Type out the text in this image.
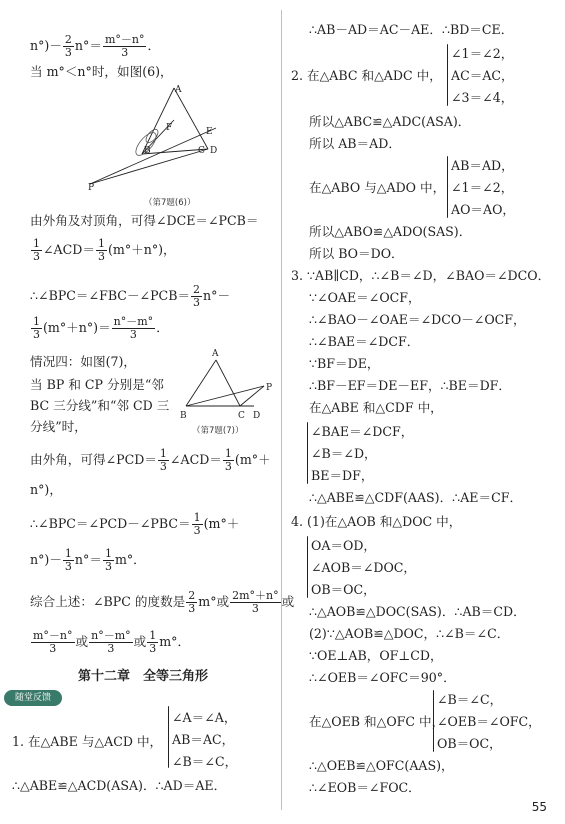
$n^\circ)- \frac{2}{3} n^\circ= \frac{m^\circ-n^\circ}{3}$ ．
当 m°＜n°时，如图(6)，
A
F	E
B	C D
P
（第7题(6)）
由外角及对顶角，可得∠DCE＝∠PCB＝
$\frac{1}{3}$ ∠ACD＝ $\frac{1}{3} (m^\circ+n^\circ)$，
∴∠BPC＝∠FBC－∠PCB＝ $\frac{2}{3} n^\circ-$
$\frac{1}{3} (m^\circ+n^\circ)= \frac{n^\circ-m^\circ}{3}$ ．
情况四：如图(7)，
当 BP 和 CP 分别是“邻
BC 三分线”和“邻 CD 三
分线”时，
A
P
B	C D
（第7题(7)）
由外角，可得∠PCD＝ $\frac{1}{3}$ ∠ACD＝ $\frac{1}{3} (m^\circ+$
n°)，
∴∠BPC＝∠PCD－∠PBC＝ $\frac{1}{3} (m^\circ+$
$n^\circ)- \frac{1}{3} n^\circ= \frac{1}{3} m^\circ$．
综合上述：∠BPC 的度数是 $\frac{2}{3} m^\circ$或 $\frac{2m^\circ+n^\circ}{3}$ 或
$\frac{m^\circ-n^\circ}{3}$ 或 $\frac{n^\circ-m^\circ}{3}$ 或 $\frac{1}{3} m^\circ$．
第十二章　全等三角形
随堂反馈
1. 在△ABE 与△ACD 中，
∠A＝∠A，
AB＝AC，
∠B＝∠C，
∴△ABE≌△ACD(ASA)．∴AD＝AE．
∴AB－AD＝AC－AE．∴BD＝CE．
2. 在△ABC 和△ADC 中，
∠1＝∠2，
AC＝AC，
∠3＝∠4，
所以△ABC≌△ADC(ASA)．
所以 AB＝AD．
在△ABO 与△ADO 中，
AB＝AD，
∠1＝∠2，
AO＝AO，
所以△ABO≌△ADO(SAS)．
所以 BO＝DO．
3. ∵AB∥CD，∴∠B＝∠D，∠BAO＝∠DCO．
∵∠OAE＝∠OCF，
∴∠BAO－∠OAE＝∠DCO－∠OCF，
∴∠BAE＝∠DCF．
∵BF＝DE，
∴BF－EF＝DE－EF，∴BE＝DF．
在△ABE 和△CDF 中，
∠BAE＝∠DCF，
∠B＝∠D，
BE＝DF，
∴△ABE≌△CDF(AAS)．∴AE＝CF．
4. (1)在△AOB 和△DOC 中，
OA＝OD，
∠AOB＝∠DOC，
OB＝OC，
∴△AOB≌△DOC(SAS)．∴AB＝CD．
(2)∵△AOB≌△DOC，∴∠B＝∠C．
∵OE⊥AB，OF⊥CD，
∴∠OEB＝∠OFC＝90°．
在△OEB 和△OFC 中，
∠B＝∠C，
∠OEB＝∠OFC，
OB＝OC，
∴△OEB≌△OFC(AAS)，
∴∠EOB＝∠FOC．
55
